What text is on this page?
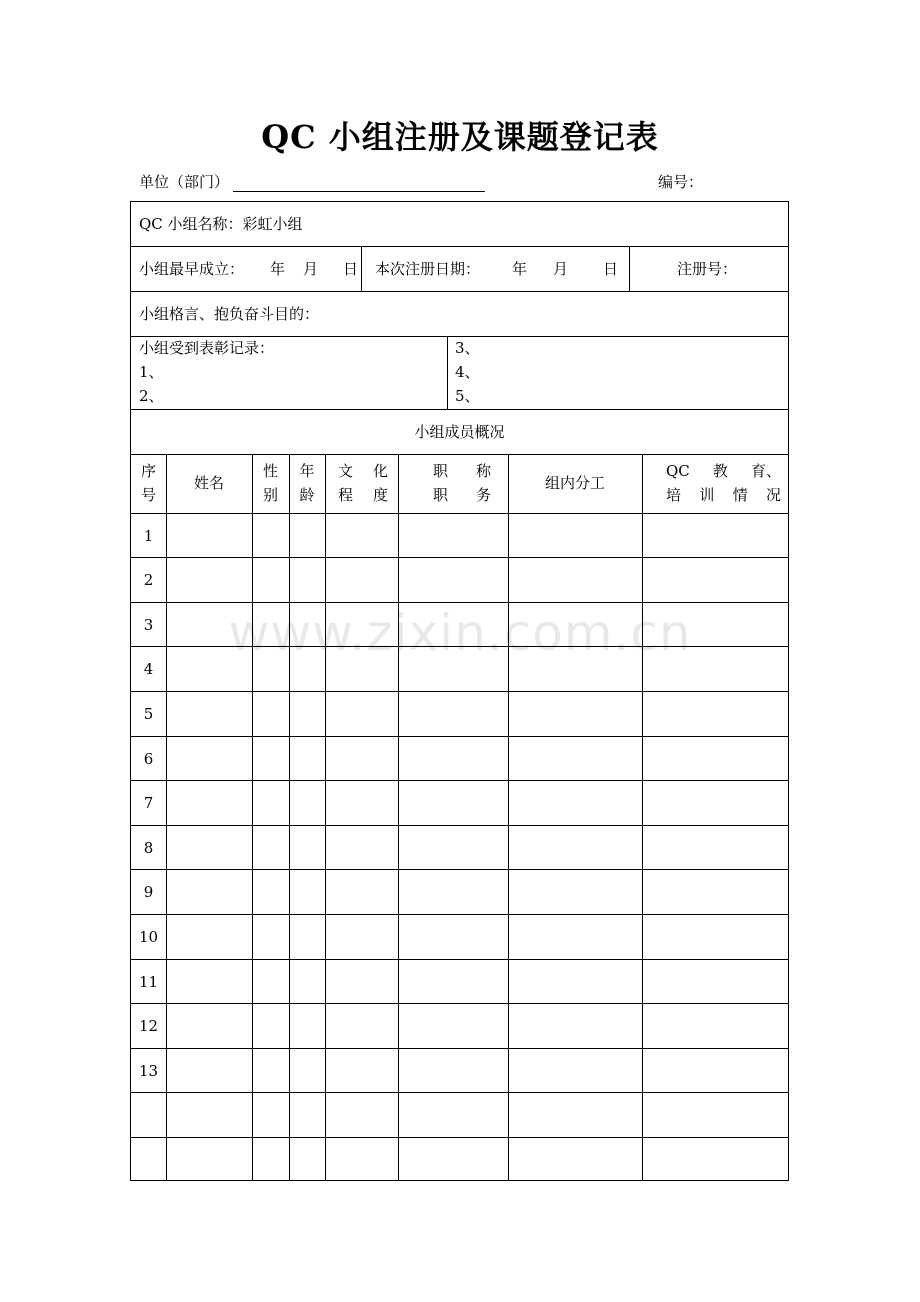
QC 小组注册及课题登记表
单位（部门）	编号：
QC 小组名称：彩虹小组
小组最早成立： 年 月 日 本次注册日期： 年 月 日	注册号：
小组格言、抱负奋斗目的：
小组受到表彰记录：
1、
2、
3、
4、
5、
小组成员概况
序
号
姓名
性
别
年
龄
文 化
程 度
职 称
职 务
组内分工
QC 教 育、
培 训 情 况
1
2
3
4
5
6
7
8
9
10
11
12
13
www.zixin.com.cn
